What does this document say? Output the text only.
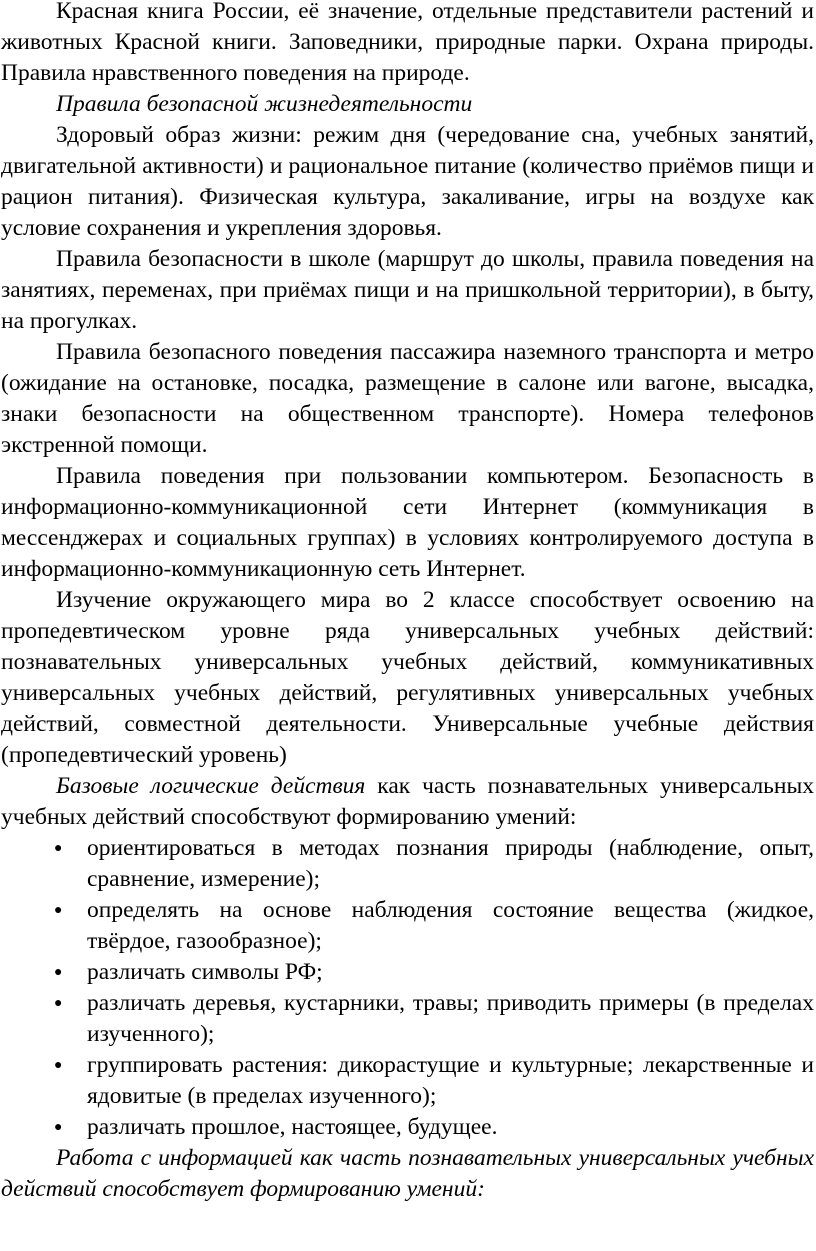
Красная книга России, её значение, отдельные представители растений и животных Красной книги. Заповедники, природные парки. Охрана природы. Правила нравственного поведения на природе.

Правила безопасной жизнедеятельности

Здоровый образ жизни: режим дня (чередование сна, учебных занятий, двигательной активности) и рациональное питание (количество приёмов пищи и рацион питания). Физическая культура, закаливание, игры на воздухе как условие сохранения и укрепления здоровья.

Правила безопасности в школе (маршрут до школы, правила поведения на занятиях, переменах, при приёмах пищи и на пришкольной территории), в быту, на прогулках.

Правила безопасного поведения пассажира наземного транспорта и метро (ожидание на остановке, посадка, размещение в салоне или вагоне, высадка, знаки безопасности на общественном транспорте). Номера телефонов экстренной помощи.

Правила поведения при пользовании компьютером. Безопасность в информационно-коммуникационной сети Интернет (коммуникация в мессенджерах и социальных группах) в условиях контролируемого доступа в информационно-коммуникационную сеть Интернет.

Изучение окружающего мира во 2 классе способствует освоению на пропедевтическом уровне ряда универсальных учебных действий: познавательных универсальных учебных действий, коммуникативных универсальных учебных действий, регулятивных универсальных учебных действий, совместной деятельности. Универсальные учебные действия (пропедевтический уровень)

Базовые логические действия как часть познавательных универсальных учебных действий способствуют формированию умений:

● ориентироваться в методах познания природы (наблюдение, опыт, сравнение, измерение);
● определять на основе наблюдения состояние вещества (жидкое, твёрдое, газообразное);
● различать символы РФ;
● различать деревья, кустарники, травы; приводить примеры (в пределах изученного);
● группировать растения: дикорастущие и культурные; лекарственные и ядовитые (в пределах изученного);
● различать прошлое, настоящее, будущее.

Работа с информацией как часть познавательных универсальных учебных действий способствует формированию умений:
